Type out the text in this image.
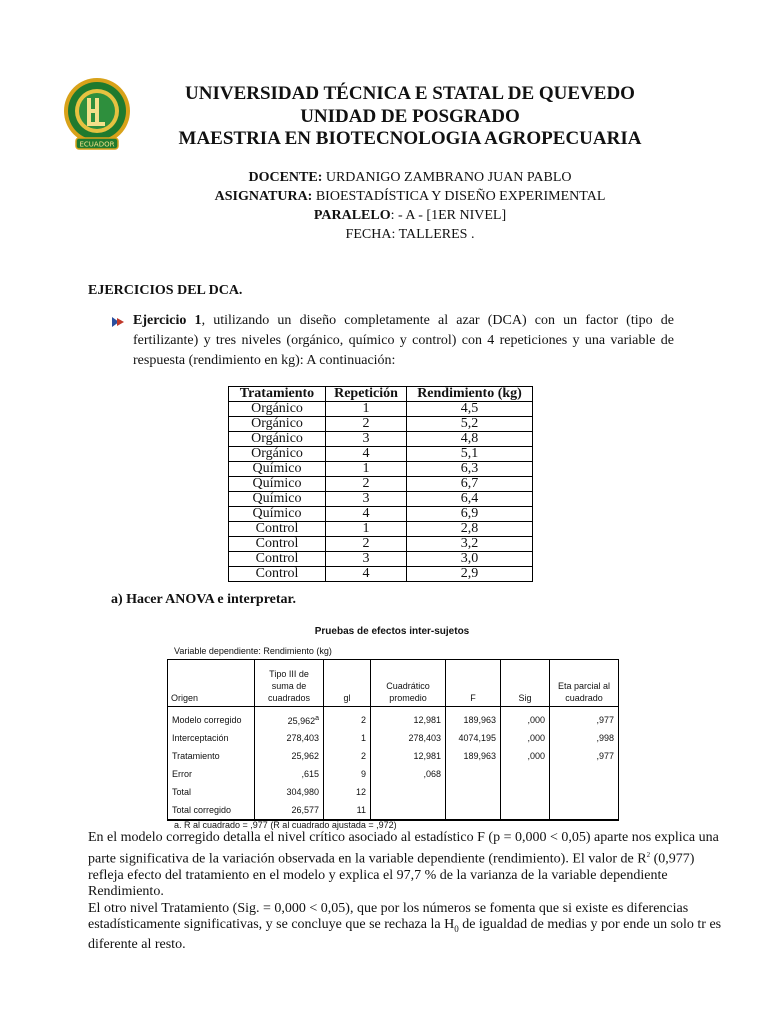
ECUADOR
UNIVERSIDAD TÉCNICA E STATAL DE QUEVEDO
UNIDAD DE POSGRADO
MAESTRIA EN BIOTECNOLOGIA AGROPECUARIA
DOCENTE: URDANIGO ZAMBRANO JUAN PABLO
ASIGNATURA: BIOESTADÍSTICA Y DISEÑO EXPERIMENTAL
PARALELO: - A - [1ER NIVEL]
FECHA: TALLERES .
EJERCICIOS DEL DCA.
Ejercicio 1, utilizando un diseño completamente al azar (DCA) con un factor (tipo de fertilizante) y tres niveles (orgánico, químico y control) con 4 repeticiones y una variable de respuesta (rendimiento en kg): A continuación:
Tratamiento	Repetición	Rendimiento (kg)
Orgánico	1	4,5
Orgánico	2	5,2
Orgánico	3	4,8
Orgánico	4	5,1
Químico	1	6,3
Químico	2	6,7
Químico	3	6,4
Químico	4	6,9
Control	1	2,8
Control	2	3,2
Control	3	3,0
Control	4	2,9
a) Hacer ANOVA e interpretar.
Pruebas de efectos inter-sujetos
Variable dependiente: Rendimiento (kg)
Origen	Tipo III de suma de cuadrados	gl	Cuadrático promedio	F	Sig	Eta parcial al cuadrado
Modelo corregido	25,962$^a$	2	12,981	189,963	,000	,977
Interceptación	278,403	1	278,403	4074,195	,000	,998
Tratamiento	25,962	2	12,981	189,963	,000	,977
Error	,615	9	,068			
Total	304,980	12				
Total corregido	26,577	11				
a. R al cuadrado = ,977 (R al cuadrado ajustada = ,972)

En el modelo corregido detalla el nivel crítico asociado al estadístico F (p = 0,000 < 0,05) aparte nos explica una parte significativa de la variación observada en la variable dependiente (rendimiento). El valor de $R^2$ (0,977) refleja efecto del tratamiento en el modelo y explica el 97,7 % de la varianza de la variable dependiente Rendimiento.

El otro nivel Tratamiento (Sig. = 0,000 < 0,05), que por los números se fomenta que si existe es diferencias estadísticamente significativas, y se concluye que se rechaza la $H_0$ de igualdad de medias y por ende un solo tr es diferente al resto.
